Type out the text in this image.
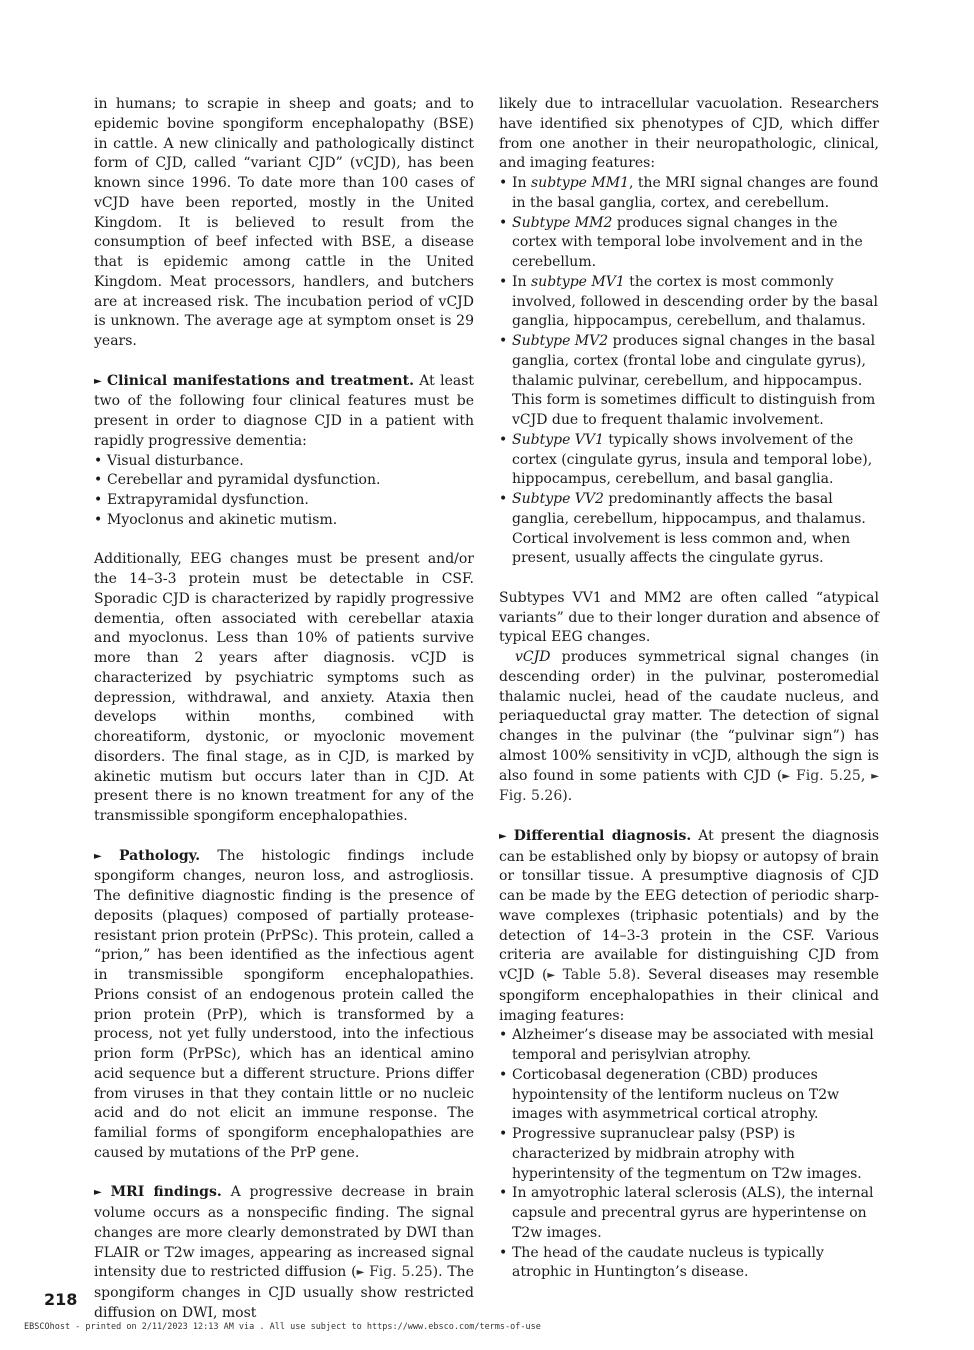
in humans; to scrapie in sheep and goats; and to epidemic bovine spongiform encephalopathy (BSE) in cattle. A new clinically and pathologically distinct form of CJD, called “variant CJD” (vCJD), has been known since 1996. To date more than 100 cases of vCJD have been reported, mostly in the United Kingdom. It is believed to result from the consumption of beef infected with BSE, a disease that is epidemic among cattle in the United Kingdom. Meat processors, handlers, and butchers are at increased risk. The incubation period of vCJD is unknown. The average age at symptom onset is 29 years.

► Clinical manifestations and treatment. At least two of the following four clinical features must be present in order to diagnose CJD in a patient with rapidly progressive dementia:

• Visual disturbance.
• Cerebellar and pyramidal dysfunction.
• Extrapyramidal dysfunction.
• Myoclonus and akinetic mutism.

Additionally, EEG changes must be present and/or the 14–3-3 protein must be detectable in CSF. Sporadic CJD is characterized by rapidly progressive dementia, often associated with cerebellar ataxia and myoclonus. Less than 10% of patients survive more than 2 years after diagnosis. vCJD is characterized by psychiatric symptoms such as depression, withdrawal, and anxiety. Ataxia then develops within months, combined with choreatiform, dystonic, or myoclonic movement disorders. The final stage, as in CJD, is marked by akinetic mutism but occurs later than in CJD. At present there is no known treatment for any of the transmissible spongiform encephalopathies.

► Pathology. The histologic findings include spongiform changes, neuron loss, and astrogliosis. The definitive diagnostic finding is the presence of deposits (plaques) composed of partially protease-resistant prion protein (PrPSc). This protein, called a “prion,” has been identified as the infectious agent in transmissible spongiform encephalopathies. Prions consist of an endogenous protein called the prion protein (PrP), which is transformed by a process, not yet fully understood, into the infectious prion form (PrPSc), which has an identical amino acid sequence but a different structure. Prions differ from viruses in that they contain little or no nucleic acid and do not elicit an immune response. The familial forms of spongiform encephalopathies are caused by mutations of the PrP gene.

► MRI findings. A progressive decrease in brain volume occurs as a nonspecific finding. The signal changes are more clearly demonstrated by DWI than FLAIR or T2w images, appearing as increased signal intensity due to restricted diffusion (► Fig. 5.25). The spongiform changes in CJD usually show restricted diffusion on DWI, most

likely due to intracellular vacuolation. Researchers have identified six phenotypes of CJD, which differ from one another in their neuropathologic, clinical, and imaging features:

• In subtype MM1, the MRI signal changes are found in the basal ganglia, cortex, and cerebellum.
• Subtype MM2 produces signal changes in the cortex with temporal lobe involvement and in the cerebellum.
• In subtype MV1 the cortex is most commonly involved, followed in descending order by the basal ganglia, hippocampus, cerebellum, and thalamus.
• Subtype MV2 produces signal changes in the basal ganglia, cortex (frontal lobe and cingulate gyrus), thalamic pulvinar, cerebellum, and hippocampus. This form is sometimes difficult to distinguish from vCJD due to frequent thalamic involvement.
• Subtype VV1 typically shows involvement of the cortex (cingulate gyrus, insula and temporal lobe), hippocampus, cerebellum, and basal ganglia.
• Subtype VV2 predominantly affects the basal ganglia, cerebellum, hippocampus, and thalamus. Cortical involvement is less common and, when present, usually affects the cingulate gyrus.

Subtypes VV1 and MM2 are often called “atypical variants” due to their longer duration and absence of typical EEG changes.

vCJD produces symmetrical signal changes (in descending order) in the pulvinar, posteromedial thalamic nuclei, head of the caudate nucleus, and periaqueductal gray matter. The detection of signal changes in the pulvinar (the “pulvinar sign”) has almost 100% sensitivity in vCJD, although the sign is also found in some patients with CJD (► Fig. 5.25, ► Fig. 5.26).

► Differential diagnosis. At present the diagnosis can be established only by biopsy or autopsy of brain or tonsillar tissue. A presumptive diagnosis of CJD can be made by the EEG detection of periodic sharp-wave complexes (triphasic potentials) and by the detection of 14–3-3 protein in the CSF. Various criteria are available for distinguishing CJD from vCJD (► Table 5.8). Several diseases may resemble spongiform encephalopathies in their clinical and imaging features:

• Alzheimer’s disease may be associated with mesial temporal and perisylvian atrophy.
• Corticobasal degeneration (CBD) produces hypointensity of the lentiform nucleus on T2w images with asymmetrical cortical atrophy.
• Progressive supranuclear palsy (PSP) is characterized by midbrain atrophy with hyperintensity of the tegmentum on T2w images.
• In amyotrophic lateral sclerosis (ALS), the internal capsule and precentral gyrus are hyperintense on T2w images.
• The head of the caudate nucleus is typically atrophic in Huntington’s disease.
218
EBSCOhost - printed on 2/11/2023 12:13 AM via . All use subject to https://www.ebsco.com/terms-of-use
